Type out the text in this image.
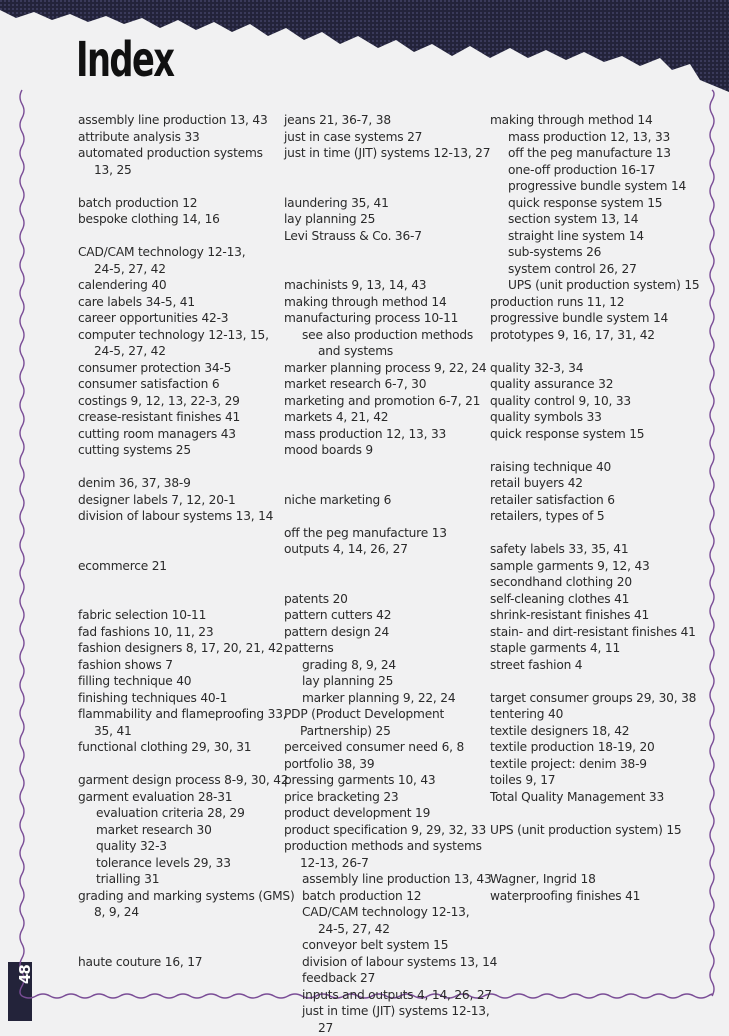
Index
assembly line production 13, 43
attribute analysis 33
automated production systems
13, 25
batch production 12
bespoke clothing 14, 16
CAD/CAM technology 12-13,
24-5, 27, 42
calendering 40
care labels 34-5, 41
career opportunities 42-3
computer technology 12-13, 15,
24-5, 27, 42
consumer protection 34-5
consumer satisfaction 6
costings 9, 12, 13, 22-3, 29
crease-resistant finishes 41
cutting room managers 43
cutting systems 25
denim 36, 37, 38-9
designer labels 7, 12, 20-1
division of labour systems 13, 14
ecommerce 21
fabric selection 10-11
fad fashions 10, 11, 23
fashion designers 8, 17, 20, 21, 42
fashion shows 7
filling technique 40
finishing techniques 40-1
flammability and flameproofing 33,
35, 41
functional clothing 29, 30, 31
garment design process 8-9, 30, 42
garment evaluation 28-31
evaluation criteria 28, 29
market research 30
quality 32-3
tolerance levels 29, 33
trialling 31
grading and marking systems (GMS)
8, 9, 24
haute couture 16, 17
jeans 21, 36-7, 38
just in case systems 27
just in time (JIT) systems 12-13, 27
laundering 35, 41
lay planning 25
Levi Strauss & Co. 36-7
machinists 9, 13, 14, 43
making through method 14
manufacturing process 10-11
see also production methods
and systems
marker planning process 9, 22, 24
market research 6-7, 30
marketing and promotion 6-7, 21
markets 4, 21, 42
mass production 12, 13, 33
mood boards 9
niche marketing 6
off the peg manufacture 13
outputs 4, 14, 26, 27
patents 20
pattern cutters 42
pattern design 24
patterns
grading 8, 9, 24
lay planning 25
marker planning 9, 22, 24
PDP (Product Development
Partnership) 25
perceived consumer need 6, 8
portfolio 38, 39
pressing garments 10, 43
price bracketing 23
product development 19
product specification 9, 29, 32, 33
production methods and systems
12-13, 26-7
assembly line production 13, 43
batch production 12
CAD/CAM technology 12-13,
24-5, 27, 42
conveyor belt system 15
division of labour systems 13, 14
feedback 27
inputs and outputs 4, 14, 26, 27
just in time (JIT) systems 12-13,
27
making through method 14
mass production 12, 13, 33
off the peg manufacture 13
one-off production 16-17
progressive bundle system 14
quick response system 15
section system 13, 14
straight line system 14
sub-systems 26
system control 26, 27
UPS (unit production system) 15
production runs 11, 12
progressive bundle system 14
prototypes 9, 16, 17, 31, 42
quality 32-3, 34
quality assurance 32
quality control 9, 10, 33
quality symbols 33
quick response system 15
raising technique 40
retail buyers 42
retailer satisfaction 6
retailers, types of 5
safety labels 33, 35, 41
sample garments 9, 12, 43
secondhand clothing 20
self-cleaning clothes 41
shrink-resistant finishes 41
stain- and dirt-resistant finishes 41
staple garments 4, 11
street fashion 4
target consumer groups 29, 30, 38
tentering 40
textile designers 18, 42
textile production 18-19, 20
textile project: denim 38-9
toiles 9, 17
Total Quality Management 33
UPS (unit production system) 15
Wagner, Ingrid 18
waterproofing finishes 41
48
